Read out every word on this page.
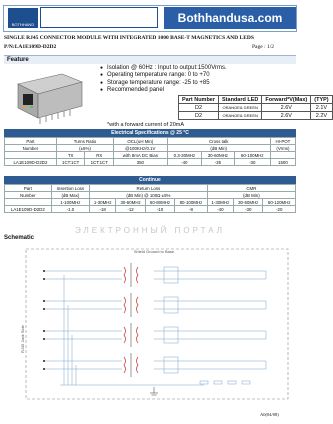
BOTHHAND	Bothhandusa.com
SINGLE RJ45 CONNECTOR MODULE WITH INTEGRATED 1000 BASE-T MAGNETICS AND LEDS
P/N:LA1E109D-D2D2	Page : 1/2
Feature
● Isolation @ 60Hz : Input to output:1500Vrms.
● Operating temperature range: 0 to +70
● Storage temperature range: -25 to +85
● Recommended panel
Part Number	Standard LED	Forward*V(Max)	(TYP)
D2	ORANGE& GREEN	2.6V	2.1V
D2	ORANGE& GREEN	2.6V	2.2V
*with a forward current of 20mA
Electrical Specifications @ 25 °C
Part	Turns Ratio		OCL(uH Min)	Cross talk			HI-POT
Number	(±5%)		@100KHz/0.1V	(dB Min)			(Vrms)
	TX	RX	with 8mA DC Bias	0.3-30MHz	30-60MHz	60-100MHz	
LA1E109D-D2D2	1CT:1CT	1CT:1CT	350	-40	-35	-30	1500
Continue
Part	Insertion Loss	Return Loss				CMR		
Number	(dB Max)	(dB Min) @ 100Ω ±5%				(dB Min)		
	1-100MHz	1-30MHz	30-60MHz	60-80MHz	80-100MHz	1-30MHz	30-60MHz	60-120MHz
LA1E109D-D2D2	-1.0	-18	-12	-10	-8	-40	-30	-20
ЭЛЕКТРОННЫЙ ПОРТАЛ
Schematic
Shield Ground to Base
RJ45 Jack Side
A0(04/08)
